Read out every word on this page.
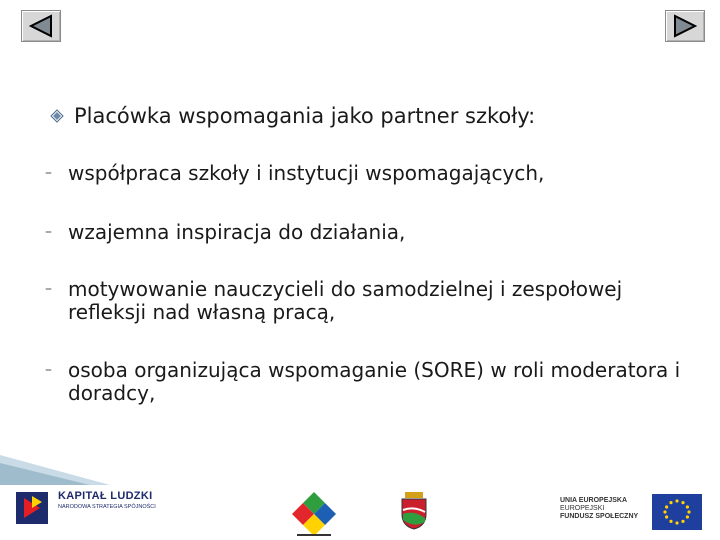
Placówka wspomagania jako partner szkoły:
– współpraca szkoły i instytucji wspomagających,
– wzajemna inspiracja do działania,
– motywowanie nauczycieli do samodzielnej i zespołowej refleksji nad własną pracą,
– osoba organizująca wspomaganie (SORE) w roli moderatora i doradcy,
KAPITAŁ LUDZKI
NARODOWA STRATEGIA SPÓJNOŚCI
UNIA EUROPEJSKA
EUROPEJSKI
FUNDUSZ SPOŁECZNY
